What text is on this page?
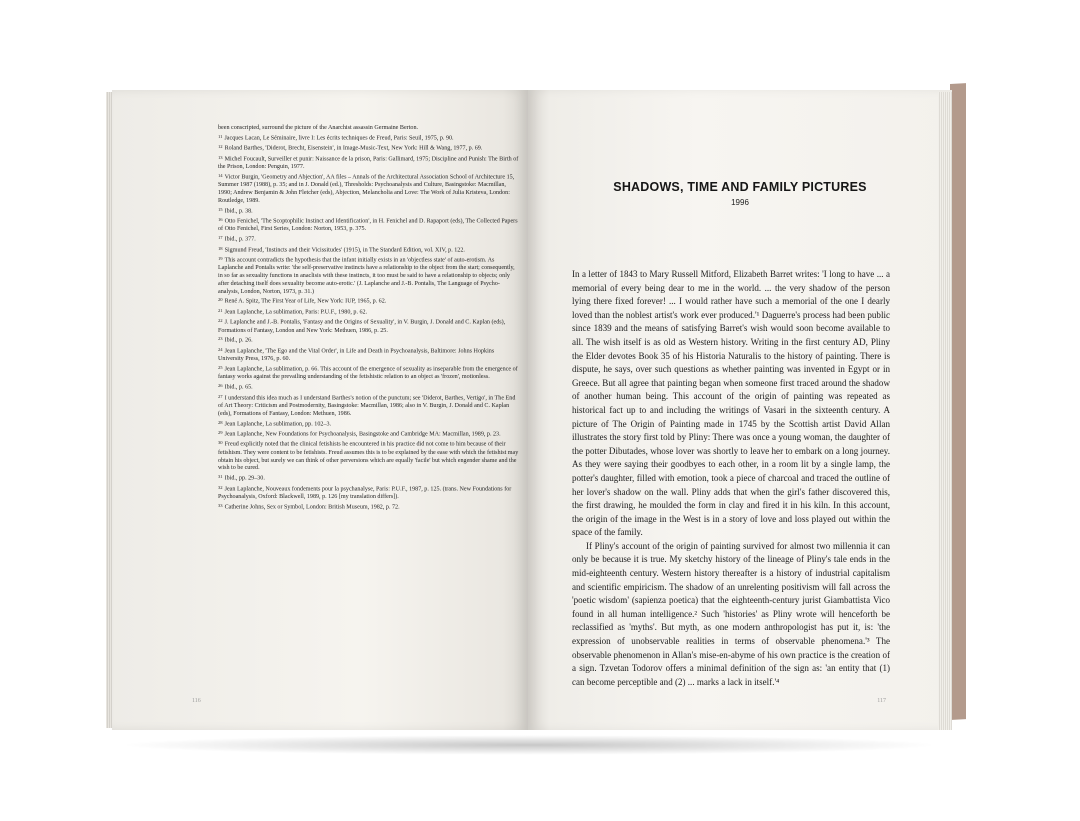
been conscripted, surround the picture of the Anarchist assassin Germaine Berton.

$^{11}$ Jacques Lacan, Le Séminaire, livre I: Les écrits techniques de Freud, Paris: Seuil, 1975, p. 90.

$^{12}$ Roland Barthes, 'Diderot, Brecht, Eisenstein', in Image-Music-Text, New York: Hill & Wang, 1977, p. 69.

$^{13}$ Michel Foucault, Surveiller et punir: Naissance de la prison, Paris: Gallimard, 1975; Discipline and Punish: The Birth of the Prison, London: Penguin, 1977.

$^{14}$ Victor Burgin, 'Geometry and Abjection', AA files – Annals of the Architectural Association School of Architecture 15, Summer 1987 (1988), p. 35; and in J. Donald (ed.), Thresholds: Psychoanalysis and Culture, Basingstoke: Macmillan, 1990; Andrew Benjamin & John Fletcher (eds), Abjection, Melancholia and Love: The Work of Julia Kristeva, London: Routledge, 1989.

$^{15}$ Ibid., p. 38.

$^{16}$ Otto Fenichel, 'The Scoptophilic Instinct and Identification', in H. Fenichel and D. Rapaport (eds), The Collected Papers of Otto Fenichel, First Series, London: Norton, 1953, p. 375.

$^{17}$ Ibid., p. 377.

$^{18}$ Sigmund Freud, 'Instincts and their Vicissitudes' (1915), in The Standard Edition, vol. XIV, p. 122.

$^{19}$ This account contradicts the hypothesis that the infant initially exists in an 'objectless state' of auto-erotism. As Laplanche and Pontalis write: 'the self-preservative instincts have a relationship to the object from the start; consequently, in so far as sexuality functions in anaclisis with these instincts, it too must be said to have a relationship to objects; only after detaching itself does sexuality become auto-erotic.' (J. Laplanche and J.-B. Pontalis, The Language of Psycho-analysis, London, Norton, 1973, p. 31.)

$^{20}$ René A. Spitz, The First Year of Life, New York: IUP, 1965, p. 62.

$^{21}$ Jean Laplanche, La sublimation, Paris: P.U.F., 1980, p. 62.

$^{22}$ J. Laplanche and J.-B. Pontalis, 'Fantasy and the Origins of Sexuality', in V. Burgin, J. Donald and C. Kaplan (eds), Formations of Fantasy, London and New York: Methuen, 1986, p. 25.

$^{23}$ Ibid., p. 26.

$^{24}$ Jean Laplanche, 'The Ego and the Vital Order', in Life and Death in Psychoanalysis, Baltimore: Johns Hopkins University Press, 1976, p. 60.

$^{25}$ Jean Laplanche, La sublimation, p. 66. This account of the emergence of sexuality as inseparable from the emergence of fantasy works against the prevailing understanding of the fetishistic relation to an object as 'frozen', motionless.

$^{26}$ Ibid., p. 65.

$^{27}$ I understand this idea much as I understand Barthes's notion of the punctum; see 'Diderot, Barthes, Vertigo', in The End of Art Theory: Criticism and Postmodernity, Basingstoke: Macmillan, 1986; also in V. Burgin, J. Donald and C. Kaplan (eds), Formations of Fantasy, London: Methuen, 1986.

$^{28}$ Jean Laplanche, La sublimation, pp. 102–3.

$^{29}$ Jean Laplanche, New Foundations for Psychoanalysis, Basingstoke and Cambridge MA: Macmillan, 1989, p. 23.

$^{30}$ Freud explicitly noted that the clinical fetishists he encountered in his practice did not come to him because of their fetishism. They were content to be fetishists. Freud assumes this is to be explained by the ease with which the fetishist may obtain his object, but surely we can think of other perversions which are equally 'facile' but which engender shame and the wish to be cured.

$^{31}$ Ibid., pp. 29–30.

$^{32}$ Jean Laplanche, Nouveaux fondements pour la psychanalyse, Paris: P.U.F., 1987, p. 125. (trans. New Foundations for Psychoanalysis, Oxford: Blackwell, 1989, p. 126 [my translation differs]).

$^{33}$ Catherine Johns, Sex or Symbol, London: British Museum, 1982, p. 72.

116
SHADOWS, TIME AND FAMILY PICTURES
1996

In a letter of 1843 to Mary Russell Mitford, Elizabeth Barret writes: 'I long to have ... a memorial of every being dear to me in the world. ... the very shadow of the person lying there fixed forever! ... I would rather have such a memorial of the one I dearly loved than the noblest artist's work ever produced.'¹ Daguerre's process had been public since 1839 and the means of satisfying Barret's wish would soon become available to all. The wish itself is as old as Western history. Writing in the first century AD, Pliny the Elder devotes Book 35 of his Historia Naturalis to the history of painting. There is dispute, he says, over such questions as whether painting was invented in Egypt or in Greece. But all agree that painting began when someone first traced around the shadow of another human being. This account of the origin of painting was repeated as historical fact up to and including the writings of Vasari in the sixteenth century. A picture of The Origin of Painting made in 1745 by the Scottish artist David Allan illustrates the story first told by Pliny: There was once a young woman, the daughter of the potter Dibutades, whose lover was shortly to leave her to embark on a long journey. As they were saying their goodbyes to each other, in a room lit by a single lamp, the potter's daughter, filled with emotion, took a piece of charcoal and traced the outline of her lover's shadow on the wall. Pliny adds that when the girl's father discovered this, the first drawing, he moulded the form in clay and fired it in his kiln. In this account, the origin of the image in the West is in a story of love and loss played out within the space of the family.

If Pliny's account of the origin of painting survived for almost two millennia it can only be because it is true. My sketchy history of the lineage of Pliny's tale ends in the mid-eighteenth century. Western history thereafter is a history of industrial capitalism and scientific empiricism. The shadow of an unrelenting positivism will fall across the 'poetic wisdom' (sapienza poetica) that the eighteenth-century jurist Giambattista Vico found in all human intelligence.² Such 'histories' as Pliny wrote will henceforth be reclassified as 'myths'. But myth, as one modern anthropologist has put it, is: 'the expression of unobservable realities in terms of observable phenomena.'³ The observable phenomenon in Allan's mise-en-abyme of his own practice is the creation of a sign. Tzvetan Todorov offers a minimal definition of the sign as: 'an entity that (1) can become perceptible and (2) ... marks a lack in itself.'⁴

117
